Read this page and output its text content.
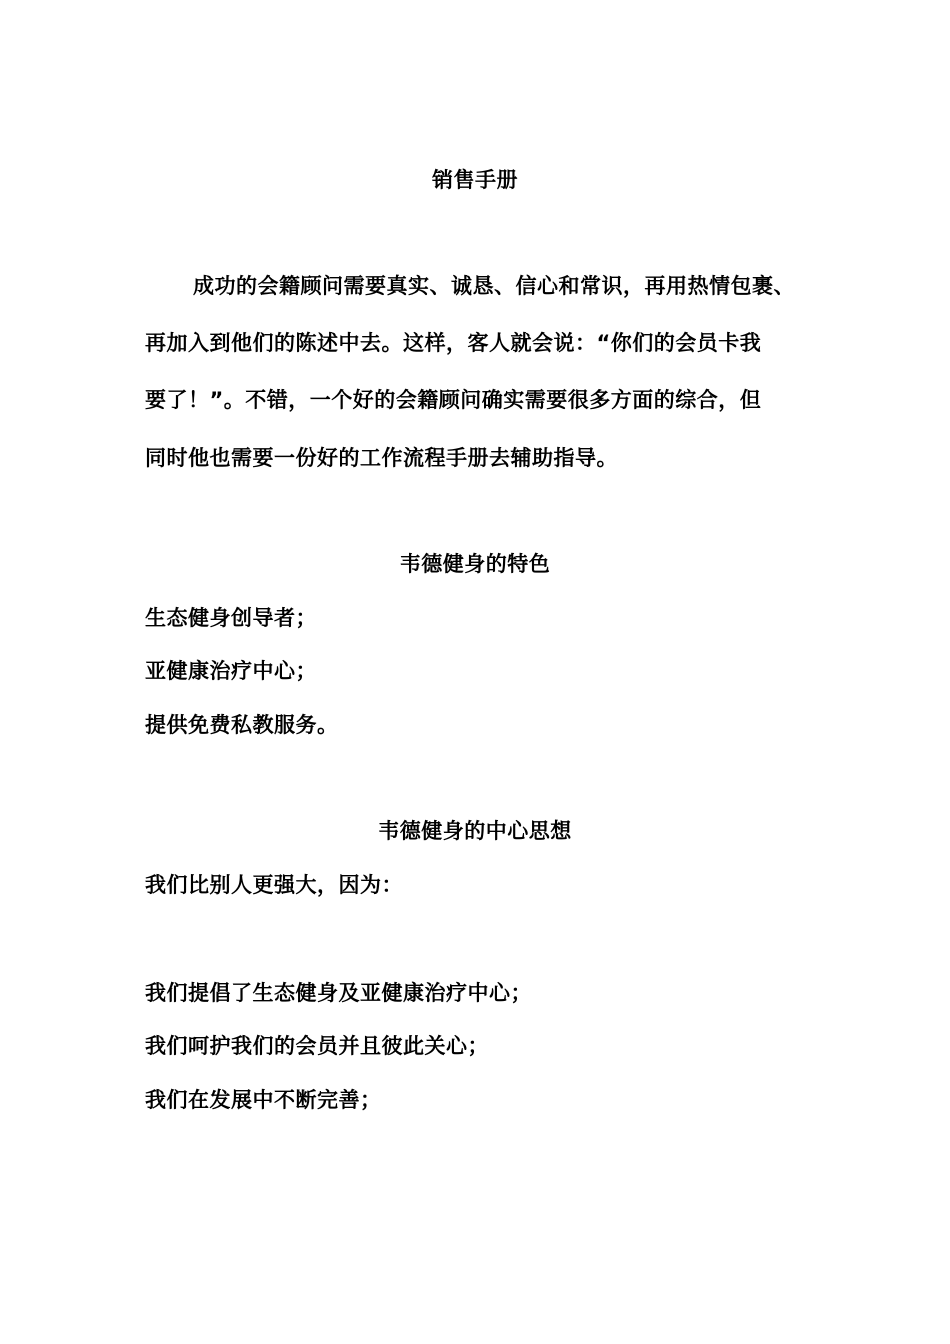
销售手册

成功的会籍顾问需要真实、诚恳、信心和常识，再用热情包裹、

再加入到他们的陈述中去。这样，客人就会说：“你们的会员卡我

要了！”。不错，一个好的会籍顾问确实需要很多方面的综合，但

同时他也需要一份好的工作流程手册去辅助指导。

韦德健身的特色

生态健身创导者；

亚健康治疗中心；

提供免费私教服务。

韦德健身的中心思想

我们比别人更强大，因为：

我们提倡了生态健身及亚健康治疗中心；

我们呵护我们的会员并且彼此关心；

我们在发展中不断完善；
